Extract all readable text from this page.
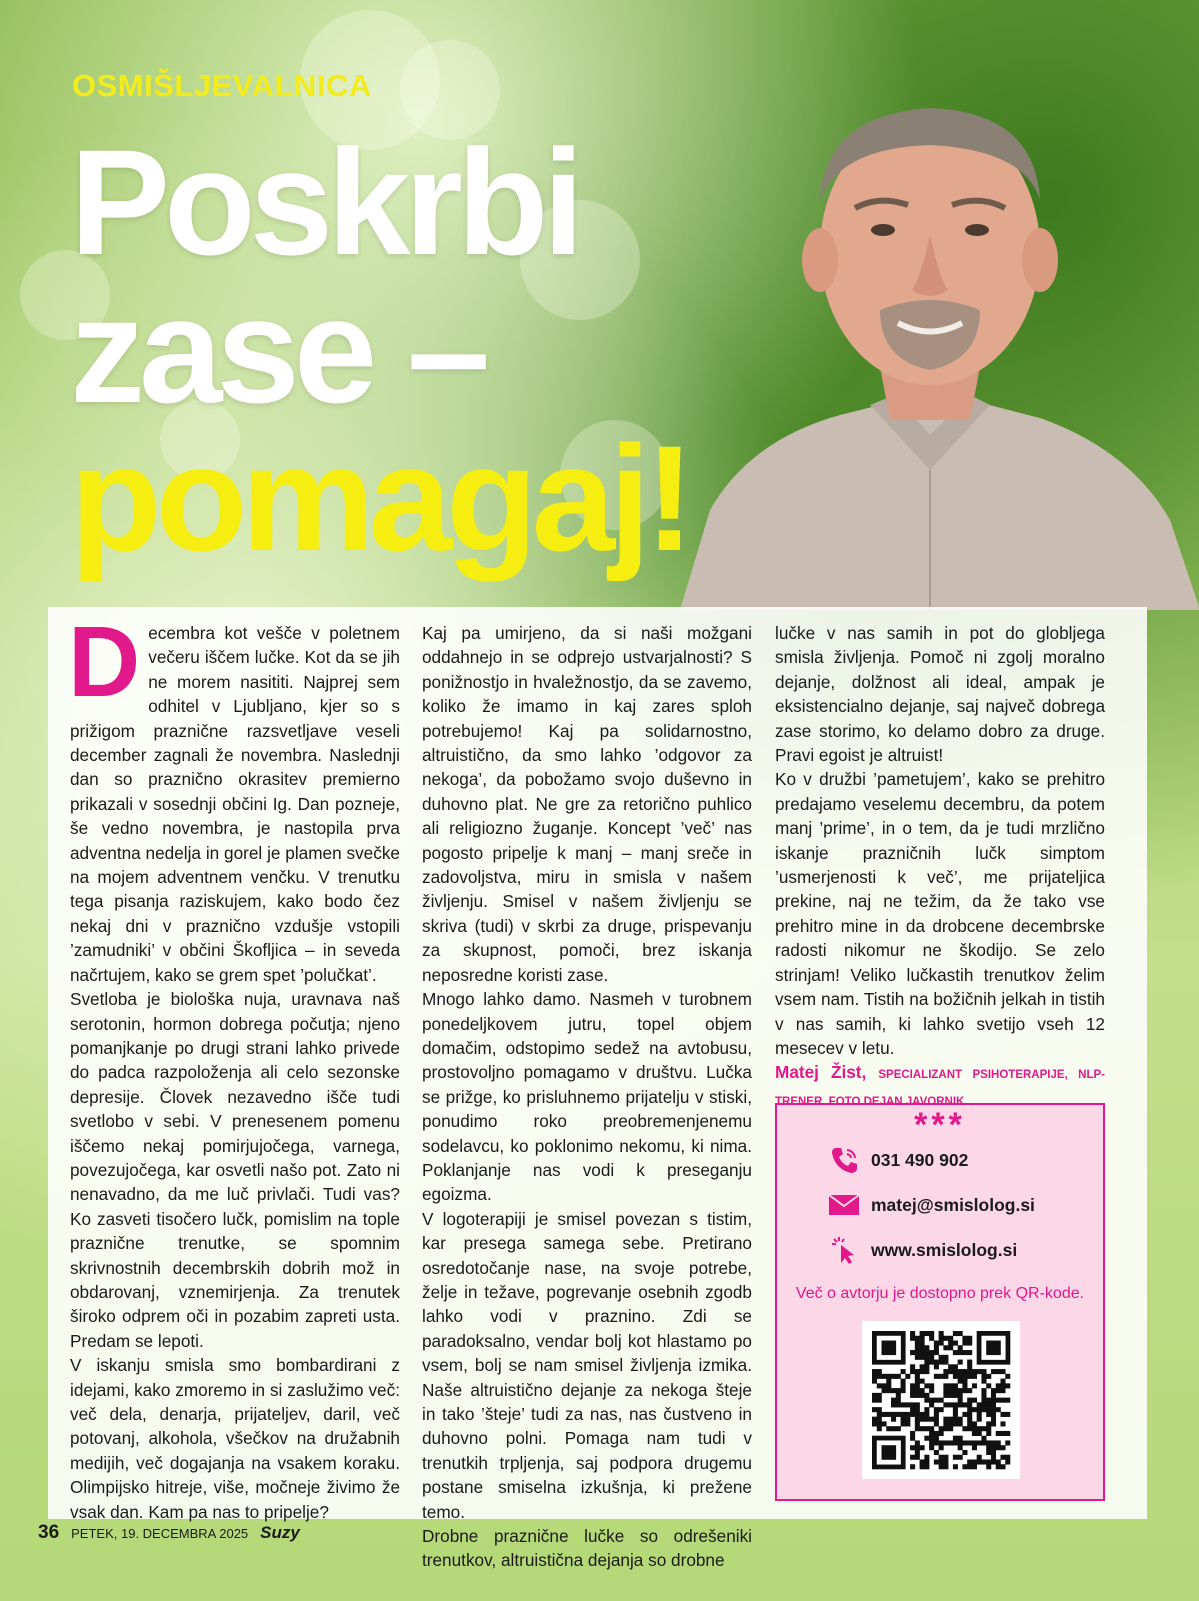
OSMIŠLJEVALNICA
Poskrbi
zase –
pomagaj!

Decembra kot vešče v poletnem večeru iščem lučke. Kot da se jih ne morem nasititi. Najprej sem odhitel v Ljubljano, kjer so s prižigom praznične razsvetljave veseli december zagnali že novembra. Naslednji dan so praznično okrasitev premierno prikazali v sosednji občini Ig. Dan pozneje, še vedno novembra, je nastopila prva adventna nedelja in gorel je plamen svečke na mojem adventnem venčku. V trenutku tega pisanja raziskujem, kako bodo čez nekaj dni v praznično vzdušje vstopili ’zamudniki’ v občini Škofljica – in seveda načrtujem, kako se grem spet ’polučkat’.

Svetloba je biološka nuja, uravnava naš serotonin, hormon dobrega počutja; njeno pomanjkanje po drugi strani lahko privede do padca razpoloženja ali celo sezonske depresije. Človek nezavedno išče tudi svetlobo v sebi. V prenesenem pomenu iščemo nekaj pomirjujočega, varnega, povezujočega, kar osvetli našo pot. Zato ni nenavadno, da me luč privlači. Tudi vas? Ko zasveti tisočero lučk, pomislim na tople praznične trenutke, se spomnim skrivnostnih decembrskih dobrih mož in obdarovanj, vznemirjenja. Za trenutek široko odprem oči in pozabim zapreti usta. Predam se lepoti.

V iskanju smisla smo bombardirani z idejami, kako zmoremo in si zaslužimo več: več dela, denarja, prijateljev, daril, več potovanj, alkohola, všečkov na družabnih medijih, več dogajanja na vsakem koraku. Olimpijsko hitreje, više, močneje živimo že vsak dan. Kam pa nas to pripelje?

Kaj pa umirjeno, da si naši možgani oddahnejo in se odprejo ustvarjalnosti? S ponižnostjo in hvaležnostjo, da se zavemo, koliko že imamo in kaj zares sploh potrebujemo! Kaj pa solidarnostno, altruistično, da smo lahko ’odgovor za nekoga’, da pobožamo svojo duševno in duhovno plat. Ne gre za retorično puhlico ali religiozno žuganje. Koncept ’več’ nas pogosto pripelje k manj – manj sreče in zadovoljstva, miru in smisla v našem življenju. Smisel v našem življenju se skriva (tudi) v skrbi za druge, prispevanju za skupnost, pomoči, brez iskanja neposredne koristi zase.

Mnogo lahko damo. Nasmeh v turobnem ponedeljkovem jutru, topel objem domačim, odstopimo sedež na avtobusu, prostovoljno pomagamo v društvu. Lučka se prižge, ko prisluhnemo prijatelju v stiski, ponudimo roko preobremenjenemu sodelavcu, ko poklonimo nekomu, ki nima. Poklanjanje nas vodi k preseganju egoizma.

V logoterapiji je smisel povezan s tistim, kar presega samega sebe. Pretirano osredotočanje nase, na svoje potrebe, želje in težave, pogrevanje osebnih zgodb lahko vodi v praznino. Zdi se paradoksalno, vendar bolj kot hlastamo po vsem, bolj se nam smisel življenja izmika. Naše altruistično dejanje za nekoga šteje in tako ’šteje’ tudi za nas, nas čustveno in duhovno polni. Pomaga nam tudi v trenutkih trpljenja, saj podpora drugemu postane smiselna izkušnja, ki prežene temo.

Drobne praznične lučke so odrešeniki trenutkov, altruistična dejanja so drobne

lučke v nas samih in pot do globljega smisla življenja. Pomoč ni zgolj moralno dejanje, dolžnost ali ideal, ampak je eksistencialno dejanje, saj največ dobrega zase storimo, ko delamo dobro za druge. Pravi egoist je altruist!

Ko v družbi ’pametujem’, kako se prehitro predajamo veselemu decembru, da potem manj ’prime’, in o tem, da je tudi mrzlično iskanje prazničnih lučk simptom ’usmerjenosti k več’, me prijateljica prekine, naj ne težim, da že tako vse prehitro mine in da drobcene decembrske radosti nikomur ne škodijo. Se zelo strinjam! Veliko lučkastih trenutkov želim vsem nam. Tistih na božičnih jelkah in tistih v nas samih, ki lahko svetijo vseh 12 mesecev v letu.

Matej Žist, SPECIALIZANT PSIHOTERAPIJE, NLP-

***
031 490 902
matej@smislolog.si
www.smislolog.si
Več o avtorju je dostopno prek QR-kode.
36 PETEK, 19. DECEMBRA 2025 Suzy
